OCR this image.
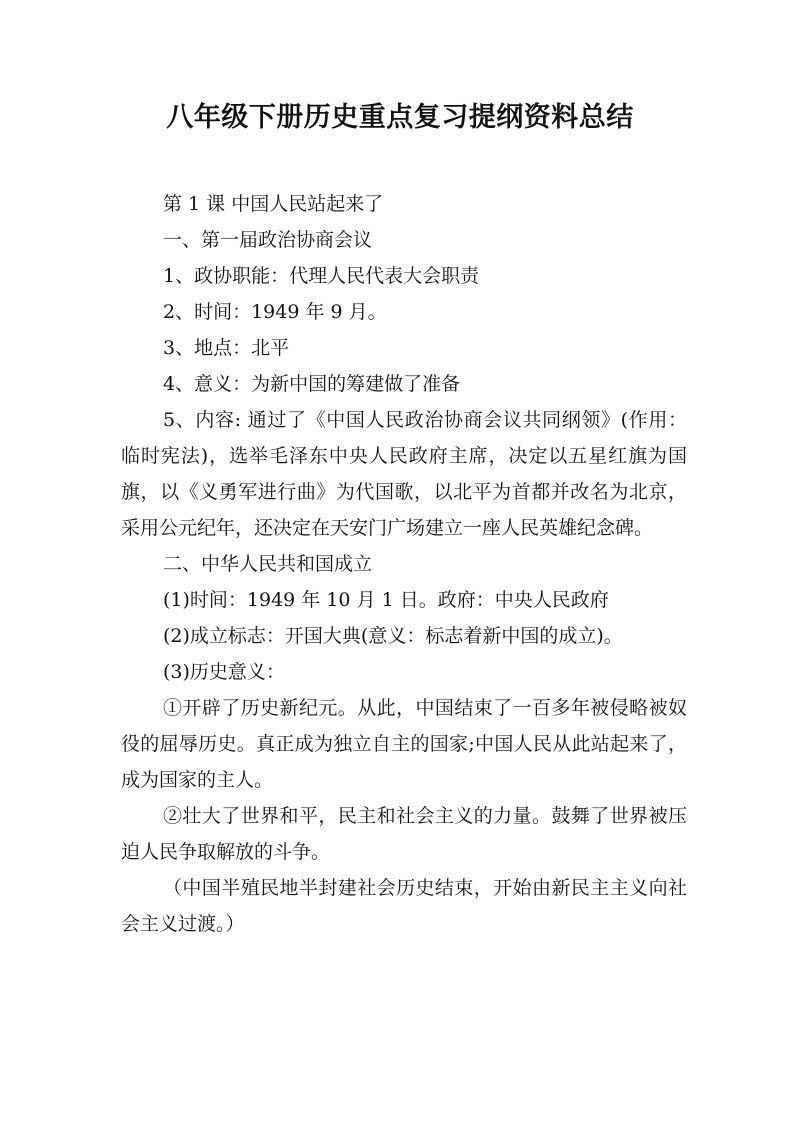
八年级下册历史重点复习提纲资料总结

第 1 课 中国人民站起来了

一、第一届政治协商会议

1、政协职能：代理人民代表大会职责

2、时间：1949 年 9 月。

3、地点：北平

4、意义：为新中国的筹建做了准备

5、内容: 通过了《中国人民政治协商会议共同纲领》(作用：临时宪法)，选举毛泽东中央人民政府主席，决定以五星红旗为国旗，以《义勇军进行曲》为代国歌，以北平为首都并改名为北京，采用公元纪年，还决定在天安门广场建立一座人民英雄纪念碑。

二、中华人民共和国成立

(1)时间：1949 年 10 月 1 日。政府：中央人民政府

(2)成立标志：开国大典(意义：标志着新中国的成立)。

(3)历史意义：

①开辟了历史新纪元。从此，中国结束了一百多年被侵略被奴役的屈辱历史。真正成为独立自主的国家;中国人民从此站起来了，成为国家的主人。

②壮大了世界和平，民主和社会主义的力量。鼓舞了世界被压迫人民争取解放的斗争。

（中国半殖民地半封建社会历史结束，开始由新民主主义向社会主义过渡。）
